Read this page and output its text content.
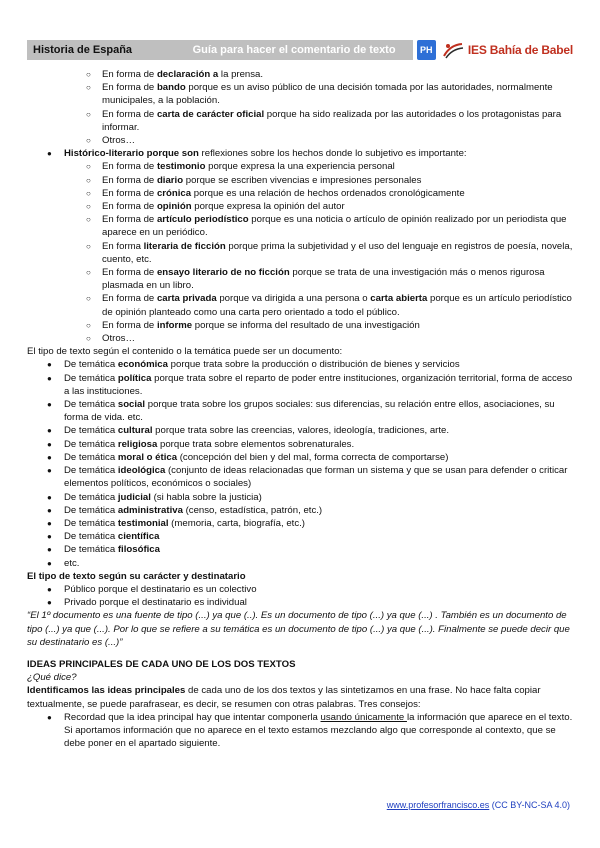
Historia de España	Guía para hacer el comentario de texto	PH	IES Bahía de Babel

○ En forma de declaración a la prensa.

○ En forma de bando porque es un aviso público de una decisión tomada por las autoridades, normalmente municipales, a la población.

○ En forma de carta de carácter oficial porque ha sido realizada por las autoridades o los protagonistas para informar.

○ Otros…

● Histórico-literario porque son reflexiones sobre los hechos donde lo subjetivo es importante:

○ En forma de testimonio porque expresa la una experiencia personal

○ En forma de diario porque se escriben vivencias e impresiones personales

○ En forma de crónica porque es una relación de hechos ordenados cronológicamente

○ En forma de opinión porque expresa la opinión del autor

○ En forma de artículo periodístico porque es una noticia o artículo de opinión realizado por un periodista que aparece en un periódico.

○ En forma literaria de ficción porque prima la subjetividad y el uso del lenguaje en registros de poesía, novela, cuento, etc.

○ En forma de ensayo literario de no ficción porque se trata de una investigación más o menos rigurosa plasmada en un libro.

○ En forma de carta privada porque va dirigida a una persona o carta abierta porque es un artículo periodístico de opinión planteado como una carta pero orientado a todo el público.

○ En forma de informe porque se informa del resultado de una investigación

○ Otros…

El tipo de texto según el contenido o la temática puede ser un documento:

● De temática económica porque trata sobre la producción o distribución de bienes y servicios

● De temática política porque trata sobre el reparto de poder entre instituciones, organización territorial, forma de acceso a las instituciones.

● De temática social porque trata sobre los grupos sociales: sus diferencias, su relación entre ellos, asociaciones, su forma de vida. etc.

● De temática cultural porque trata sobre las creencias, valores, ideología, tradiciones, arte.

● De temática religiosa porque trata sobre elementos sobrenaturales.

● De temática moral o ética (concepción del bien y del mal, forma correcta de comportarse)

● De temática ideológica (conjunto de ideas relacionadas que forman un sistema y que se usan para defender o criticar elementos políticos, económicos o sociales)

● De temática judicial (si habla sobre la justicia)

● De temática administrativa (censo, estadística, patrón, etc.)

● De temática testimonial (memoria, carta, biografía, etc.)

● De temática científica

● De temática filosófica

● etc.

El tipo de texto según su carácter y destinatario

● Público porque el destinatario es un colectivo

● Privado porque el destinatario es individual

“El 1º documento es una fuente de tipo (...) ya que (..). Es un documento de tipo (...) ya que (...) . También es un documento de tipo (...) ya que (...). Por lo que se refiere a su temática es un documento de tipo (...) ya que (...). Finalmente se puede decir que su destinatario es (...)”

IDEAS PRINCIPALES DE CADA UNO DE LOS DOS TEXTOS

¿Qué dice?

Identificamos las ideas principales de cada uno de los dos textos y las sintetizamos en una frase. No hace falta copiar textualmente, se puede parafrasear, es decir, se resumen con otras palabras. Tres consejos:

● Recordad que la idea principal hay que intentar componerla usando únicamente la información que aparece en el texto. Si aportamos información que no aparece en el texto estamos mezclando algo que corresponde al contexto, que se debe poner en el apartado siguiente.

www.profesorfrancisco.es (CC BY-NC-SA 4.0)
